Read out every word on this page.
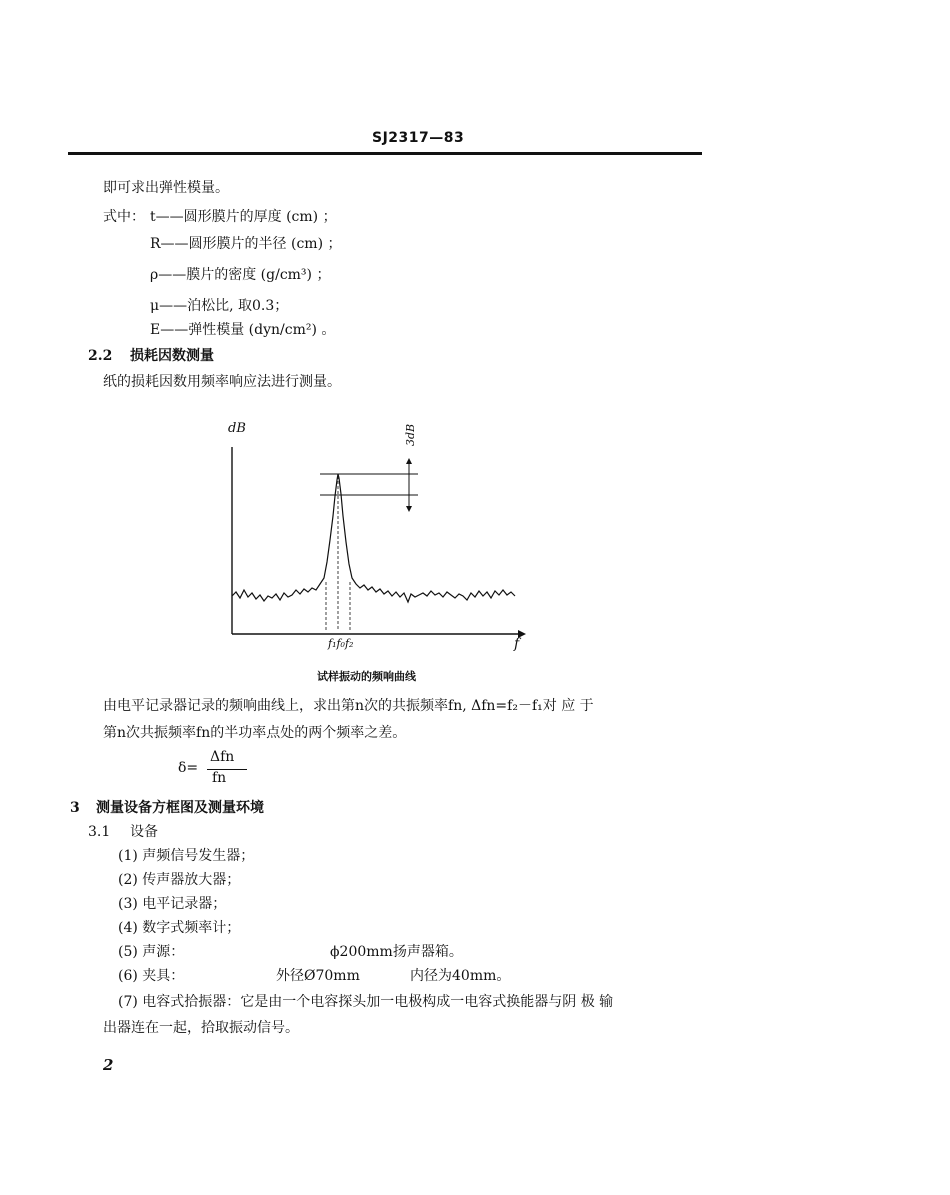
SJ2317—83
即可求出弹性模量。
式中： t——圆形膜片的厚度 (cm) ；
R——圆形膜片的半径 (cm) ；
ρ——膜片的密度 (g/cm³) ；
μ——泊松比, 取0.3；
E——弹性模量 (dyn/cm²) 。
2.2 损耗因数测量
纸的损耗因数用频率响应法进行测量。
dB
f
f₁f₀f₂
3dB
试样振动的频响曲线
由电平记录器记录的频响曲线上，求出第n次的共振频率fn, Δfn=f₂－f₁对 应 于
第n次共振频率fn的半功率点处的两个频率之差。
δ=
Δfn
fn
3 测量设备方框图及测量环境
3.1 设备
(1) 声频信号发生器；
(2) 传声器放大器；
(3) 电平记录器；
(4) 数字式频率计；
(5) 声源：	ϕ200mm扬声器箱。
(6) 夹具：	外径Ø70mm	内径为40mm。
(7) 电容式拾振器：它是由一个电容探头加一电极构成一电容式换能器与阴 极 输
出器连在一起，拾取振动信号。
2
